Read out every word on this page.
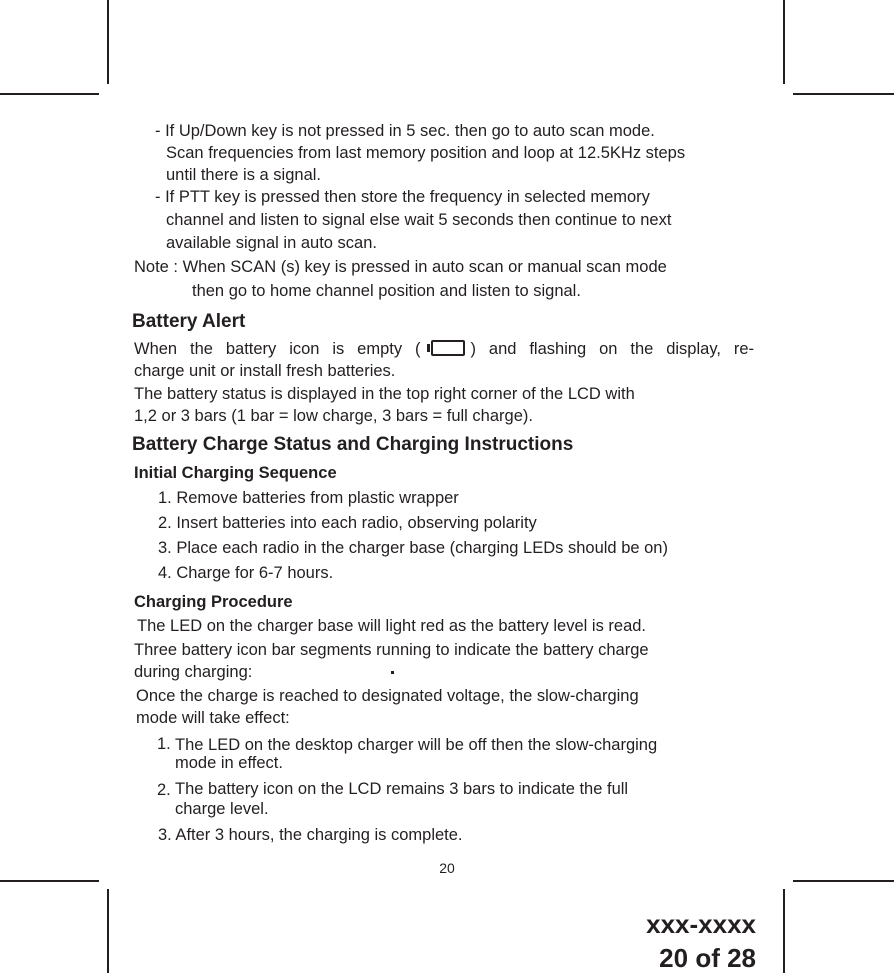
- If Up/Down key is not pressed in 5 sec. then go to auto scan mode.
Scan frequencies from last memory position and loop at 12.5KHz steps
until there is a signal.
- If PTT key is pressed then store the frequency in selected memory
channel and listen to signal else wait 5 seconds then continue to next
available signal in auto scan.
Note : When SCAN (s) key is pressed in auto scan or manual scan mode
then go to home channel position and listen to signal.
Battery Alert
When the battery icon is empty (	) and flashing on the display, re-
charge unit or install fresh batteries.
The battery status is displayed in the top right corner of the LCD with
1,2 or 3 bars (1 bar = low charge, 3 bars = full charge).
Battery Charge Status and Charging Instructions
Initial Charging Sequence
1. Remove batteries from plastic wrapper
2. Insert batteries into each radio, observing polarity
3. Place each radio in the charger base (charging LEDs should be on)
4. Charge for 6-7 hours.
Charging Procedure
The LED on the charger base will light red as the battery level is read.
Three battery icon bar segments running to indicate the battery charge
during charging:
Once the charge is reached to designated voltage, the slow-charging
mode will take effect:
1. The LED on the desktop charger will be off then the slow-charging
mode in effect.
2. The battery icon on the LCD remains 3 bars to indicate the full
charge level.
3. After 3 hours, the charging is complete.
20
xxx-xxxx
20 of 28
